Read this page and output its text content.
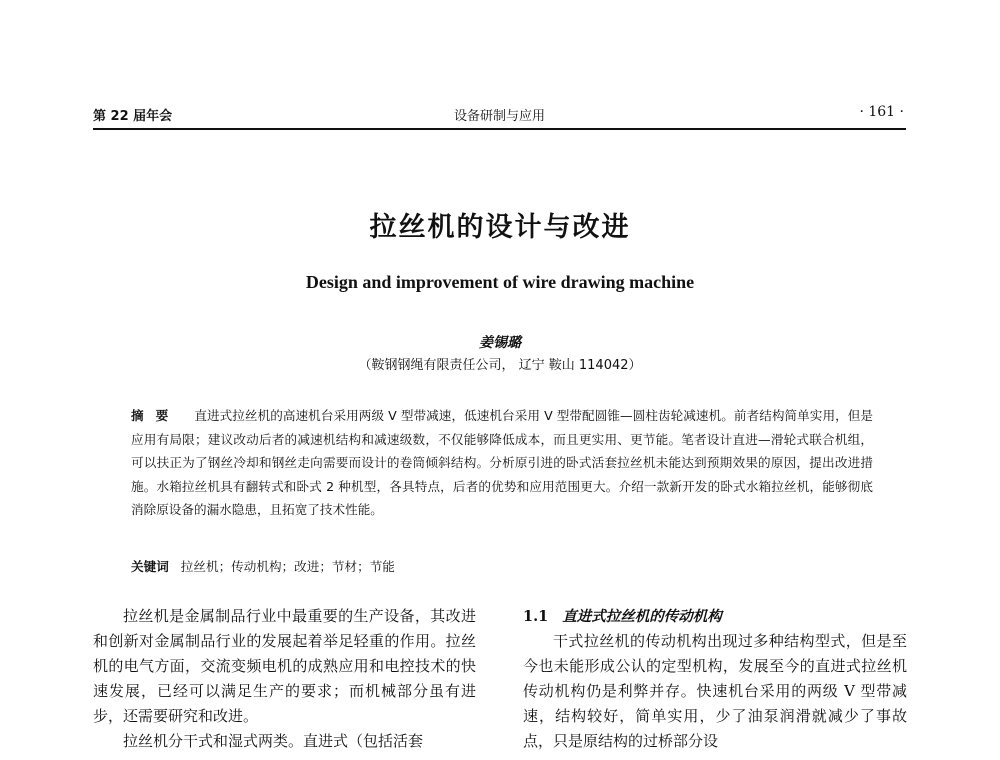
第 22 届年会	设备研制与应用	· 161 ·
拉丝机的设计与改进
Design and improvement of wire drawing machine
姜锡璐
（鞍钢钢绳有限责任公司， 辽宁 鞍山 114042）
摘要 直进式拉丝机的高速机台采用两级 V 型带减速，低速机台采用 V 型带配圆锥—圆柱齿轮减速机。前者结构简单实用，但是应用有局限；建议改动后者的减速机结构和减速级数，不仅能够降低成本，而且更实用、更节能。笔者设计直进—滑轮式联合机组，可以扶正为了钢丝冷却和钢丝走向需要而设计的卷筒倾斜结构。分析原引进的卧式活套拉丝机未能达到预期效果的原因，提出改进措施。水箱拉丝机具有翻转式和卧式 2 种机型，各具特点，后者的优势和应用范围更大。介绍一款新开发的卧式水箱拉丝机，能够彻底消除原设备的漏水隐患，且拓宽了技术性能。
关键词 拉丝机；传动机构；改进；节材；节能

拉丝机是金属制品行业中最重要的生产设备，其改进和创新对金属制品行业的发展起着举足轻重的作用。拉丝机的电气方面，交流变频电机的成熟应用和电控技术的快速发展，已经可以满足生产的要求；而机械部分虽有进步，还需要研究和改进。

拉丝机分干式和湿式两类。直进式（包括活套

1.1 直进式拉丝机的传动机构

干式拉丝机的传动机构出现过多种结构型式，但是至今也未能形成公认的定型机构，发展至今的直进式拉丝机传动机构仍是利弊并存。快速机台采用的两级 V 型带减速，结构较好，简单实用，少了油泵润滑就减少了事故点，只是原结构的过桥部分设
